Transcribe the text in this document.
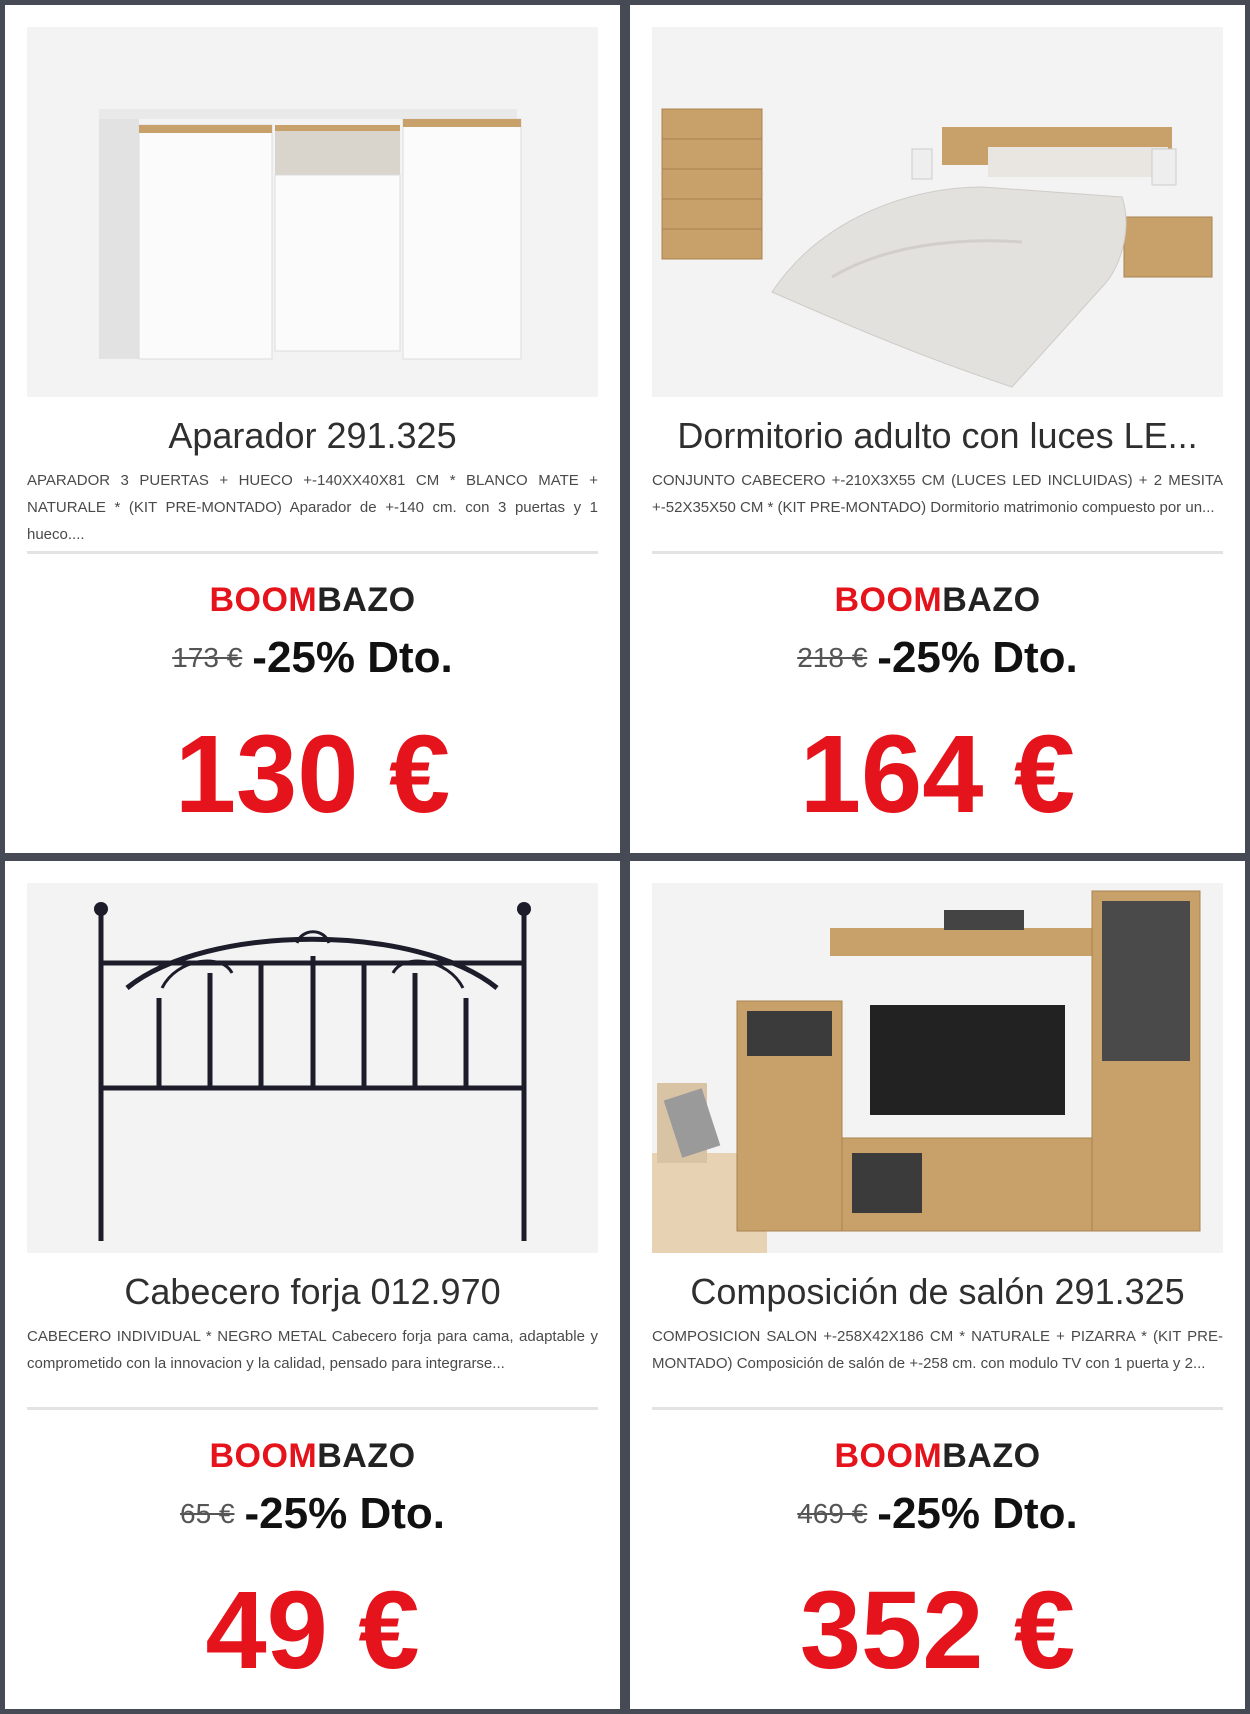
Aparador 291.325
APARADOR 3 PUERTAS + HUECO +-140XX40X81 CM * BLANCO MATE + NATURALE * (KIT PRE-MONTADO) Aparador de +-140 cm. con 3 puertas y 1 hueco....
BOOMBAZO
173 € -25% Dto.
130 €
Dormitorio adulto con luces LE...
CONJUNTO CABECERO +-210X3X55 CM (LUCES LED INCLUIDAS) + 2 MESITA +-52X35X50 CM * (KIT PRE-MONTADO) Dormitorio matrimonio compuesto por un...
BOOMBAZO
218 € -25% Dto.
164 €
Cabecero forja 012.970
CABECERO INDIVIDUAL * NEGRO METAL Cabecero forja para cama, adaptable y comprometido con la innovacion y la calidad, pensado para integrarse...
BOOMBAZO
65 € -25% Dto.
49 €
Composición de salón 291.325
COMPOSICION SALON +-258X42X186 CM * NATURALE + PIZARRA * (KIT PRE-MONTADO) Composición de salón de +-258 cm. con modulo TV con 1 puerta y 2...
BOOMBAZO
469 € -25% Dto.
352 €
